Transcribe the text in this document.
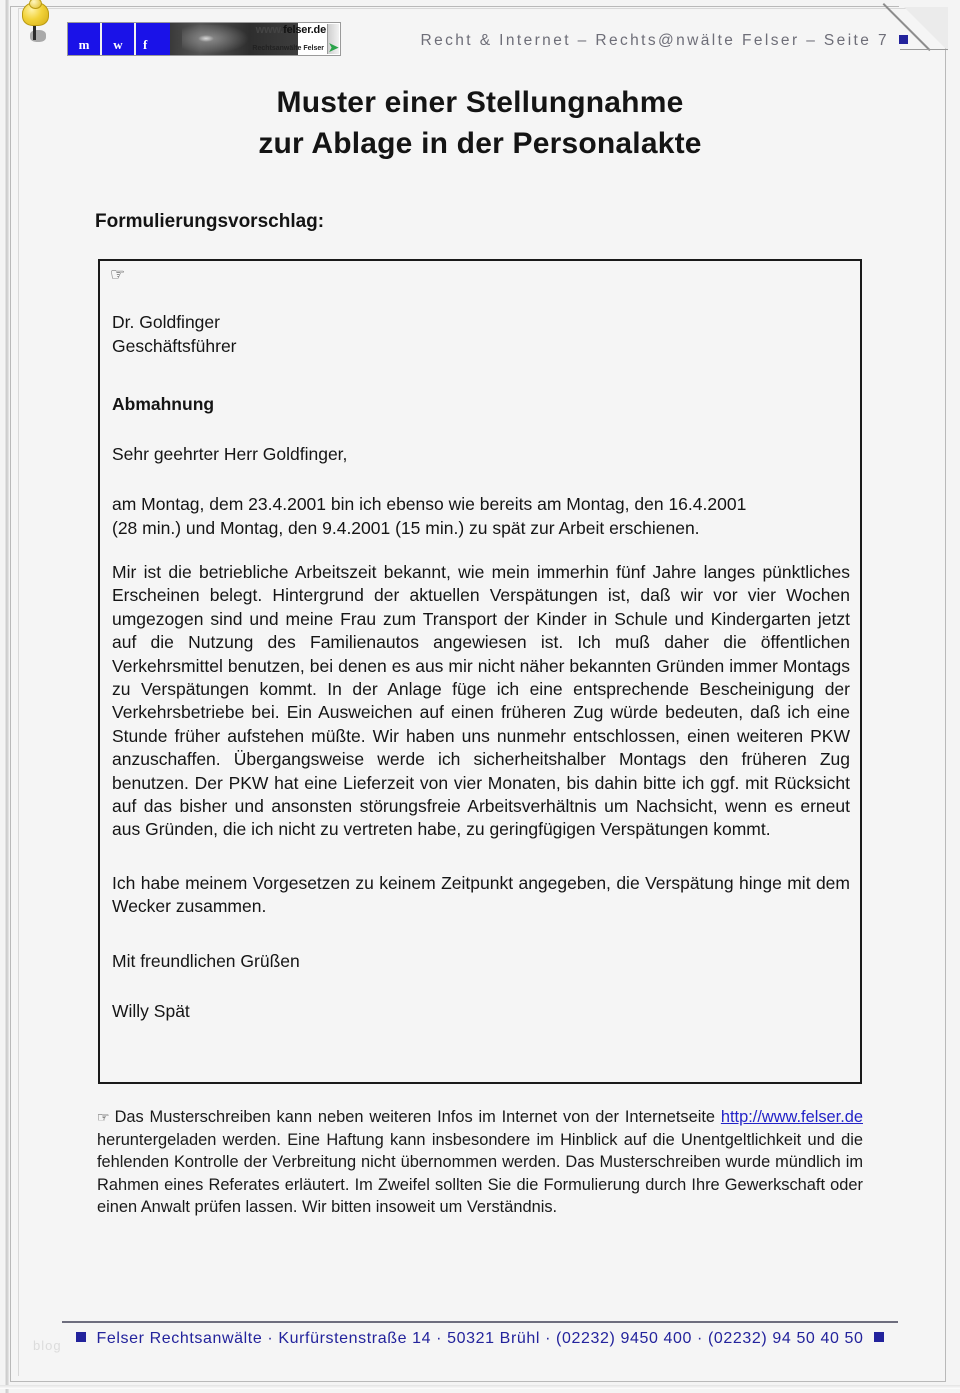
m	w	f
www.felser.de
Rechtsanwälte Felser ➤	Recht & Internet – Rechts@nwälte Felser – Seite 7
Muster einer Stellungnahme
zur Ablage in der Personalakte
Formulierungsvorschlag:
☞
Dr. Goldfinger
Geschäftsführer
Abmahnung
Sehr geehrter Herr Goldfinger,
am Montag, dem 23.4.2001 bin ich ebenso wie bereits am Montag, den 16.4.2001
(28 min.) und Montag, den 9.4.2001 (15 min.) zu spät zur Arbeit erschienen.
Mir ist die betriebliche Arbeitszeit bekannt, wie mein immerhin fünf Jahre langes pünktliches Erscheinen belegt. Hintergrund der aktuellen Verspätungen ist, daß wir vor vier Wochen umgezogen sind und meine Frau zum Transport der Kinder in Schule und Kindergarten jetzt auf die Nutzung des Familienautos angewiesen ist. Ich muß daher die öffentlichen Verkehrsmittel benutzen, bei denen es aus mir nicht näher bekannten Gründen immer Montags zu Verspätungen kommt. In der Anlage füge ich eine entsprechende Bescheinigung der Verkehrsbetriebe bei. Ein Ausweichen auf einen früheren Zug würde bedeuten, daß ich eine Stunde früher aufstehen müßte. Wir haben uns nunmehr entschlossen, einen weiteren PKW anzuschaffen. Übergangsweise werde ich sicherheitshalber Montags den früheren Zug benutzen. Der PKW hat eine Lieferzeit von vier Monaten, bis dahin bitte ich ggf. mit Rücksicht auf das bisher und ansonsten störungsfreie Arbeitsverhältnis um Nachsicht, wenn es erneut aus Gründen, die ich nicht zu vertreten habe, zu geringfügigen Verspätungen kommt.
Ich habe meinem Vorgesetzen zu keinem Zeitpunkt angegeben, die Verspätung hinge mit dem Wecker zusammen.
Mit freundlichen Grüßen
Willy Spät
☞ Das Musterschreiben kann neben weiteren Infos im Internet von der Internetseite http://www.felser.de heruntergeladen werden. Eine Haftung kann insbesondere im Hinblick auf die Unentgeltlichkeit und die fehlenden Kontrolle der Verbreitung nicht übernommen werden. Das Musterschreiben wurde mündlich im Rahmen eines Referates erläutert. Im Zweifel sollten Sie die Formulierung durch Ihre Gewerkschaft oder einen Anwalt prüfen lassen. Wir bitten insoweit um Verständnis.
Felser Rechtsanwälte · Kurfürstenstraße 14 · 50321 Brühl · (02232) 9450 400 · (02232) 94 50 40 50
blog
